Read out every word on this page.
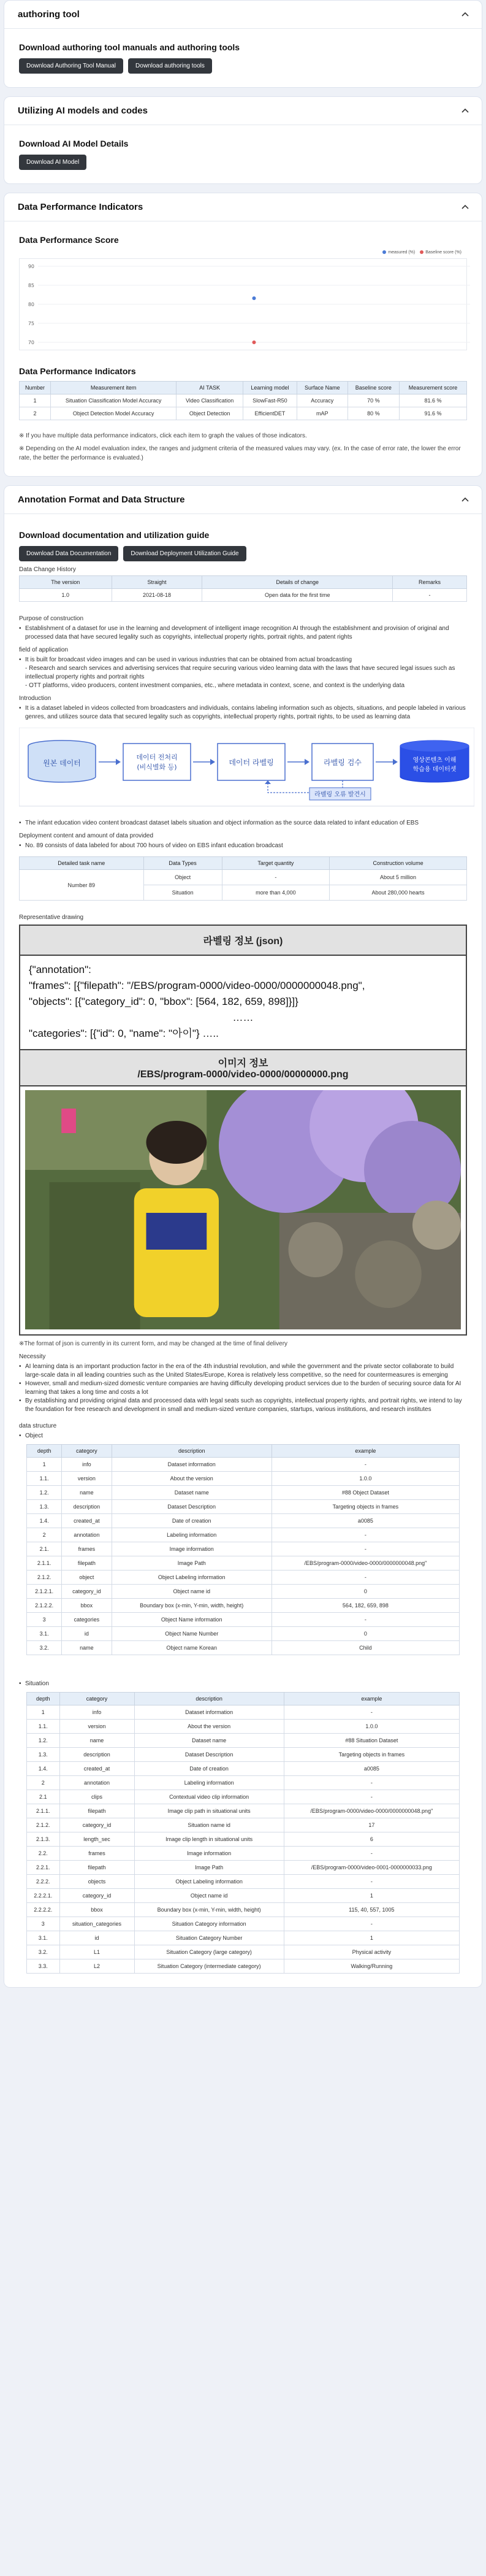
authoring tool
Download authoring tool manuals and authoring tools
Download Authoring Tool Manual	Download authoring tools
Utilizing AI models and codes
Download AI Model Details
Download AI Model
Data Performance Indicators
Data Performance Score
measured (%)	Baseline score (%)
90
85
80
75
70
Data Performance Indicators
Number	Measurement item	AI TASK	Learning model	Surface Name	Baseline score	Measurement score
1	Situation Classification Model Accuracy	Video Classification	SlowFast-R50	Accuracy	70 %	81.6 %
2	Object Detection Model Accuracy	Object Detection	EfficientDET	mAP	80 %	91.6 %

※ If you have multiple data performance indicators, click each item to graph the values of those indicators.

※ Depending on the AI model evaluation index, the ranges and judgment criteria of the measured values may vary. (ex. In the case of error rate, the lower the error rate, the better the performance is evaluated.)

Annotation Format and Data Structure
Download documentation and utilization guide
Download Data Documentation	Download Deployment Utilization Guide
Data Change History
The version	Straight	Details of change	Remarks
1.0	2021-08-18	Open data for the first time	-
Purpose of construction
• Establishment of a dataset for use in the learning and development of intelligent image recognition AI through the establishment and provision of original and processed data that have secured legality such as copyrights, intellectual property rights, portrait rights, and patent rights
field of application
• It is built for broadcast video images and can be used in various industries that can be obtained from actual broadcasting

- Research and search services and advertising services that require securing various video learning data with the laws that have secured legal issues such as intellectual property rights and portrait rights

- OTT platforms, video producers, content investment companies, etc., where metadata in context, scene, and context is the underlying data

Introduction
• It is a dataset labeled in videos collected from broadcasters and individuals, contains labeling information such as objects, situations, and people labeled in various genres, and utilizes source data that secured legality such as copyrights, intellectual property rights, portrait rights, to be used as learning data
원본 데이터
데이터 전처리
(비식별화 등)
데이터 라벨링	라벨링 검수	영상콘텐츠 이해
학습용 데이터셋
라벨링 오류 발견시
• The infant education video content broadcast dataset labels situation and object information as the source data related to infant education of EBS
Deployment content and amount of data provided
• No. 89 consists of data labeled for about 700 hours of video on EBS infant education broadcast
Detailed task name	Data Types	Target quantity	Construction volume
Number 89	Object	-	About 5 million
	Situation	more than 4,000	About 280,000 hearts
Representative drawing
라벨링 정보 (json)
{"annotation":
"frames": [{"filepath": "/EBS/program-0000/video-0000/0000000048.png",
"objects": [{"category_id": 0, "bbox": [564, 182, 659, 898]}]}
……
"categories": [{"id": 0, "name": "아이"} …..
이미지 정보
/EBS/program-0000/video-0000/00000000.png

※The format of json is currently in its current form, and may be changed at the time of final delivery

Necessity
• AI learning data is an important production factor in the era of the 4th industrial revolution, and while the government and the private sector collaborate to build large-scale data in all leading countries such as the United States/Europe, Korea is relatively less competitive, so the need for countermeasures is emerging
• However, small and medium-sized domestic venture companies are having difficulty developing product services due to the burden of securing source data for AI learning that takes a long time and costs a lot
• By establishing and providing original data and processed data with legal seats such as copyrights, intellectual property rights, and portrait rights, we intend to lay the foundation for free research and development in small and medium-sized venture companies, startups, various institutions, and research institutes
data structure
• Object
depth	category	description	example
1	info	Dataset information	-
1.1.	version	About the version	1.0.0
1.2.	name	Dataset name	#88 Object Dataset
1.3.	description	Dataset Description	Targeting objects in frames
1.4.	created_at	Date of creation	a0085
2	annotation	Labeling information	-
2.1.	frames	Image information	-
2.1.1.	filepath	Image Path	/EBS/program-0000/video-0000/0000000048.png"
2.1.2.	object	Object Labeling information	-
2.1.2.1.	category_id	Object name id	0
2.1.2.2.	bbox	Boundary box (x-min, Y-min, width, height)	564, 182, 659, 898
3	categories	Object Name information	-
3.1.	id	Object Name Number	0
3.2.	name	Object name Korean	Child
• Situation
depth	category	description	example
1	info	Dataset information	-
1.1.	version	About the version	1.0.0
1.2.	name	Dataset name	#88 Situation Dataset
1.3.	description	Dataset Description	Targeting objects in frames
1.4.	created_at	Date of creation	a0085
2	annotation	Labeling information	-
2.1	clips	Contextual video clip information	-
2.1.1.	filepath	Image clip path in situational units	/EBS/program-0000/video-0000/0000000048.png"
2.1.2.	category_id	Situation name id	17
2.1.3.	length_sec	Image clip length in situational units	6
2.2.	frames	Image information	-
2.2.1.	filepath	Image Path	/EBS/program-0000/video-0001-0000000033.png
2.2.2.	objects	Object Labeling information	-
2.2.2.1.	category_id	Object name id	1
2.2.2.2.	bbox	Boundary box (x-min, Y-min, width, height)	115, 40, 557, 1005
3	situation_categories	Situation Category information	-
3.1.	id	Situation Category Number	1
3.2.	L1	Situation Category (large category)	Physical activity
3.3.	L2	Situation Category (intermediate category)	Walking/Running
